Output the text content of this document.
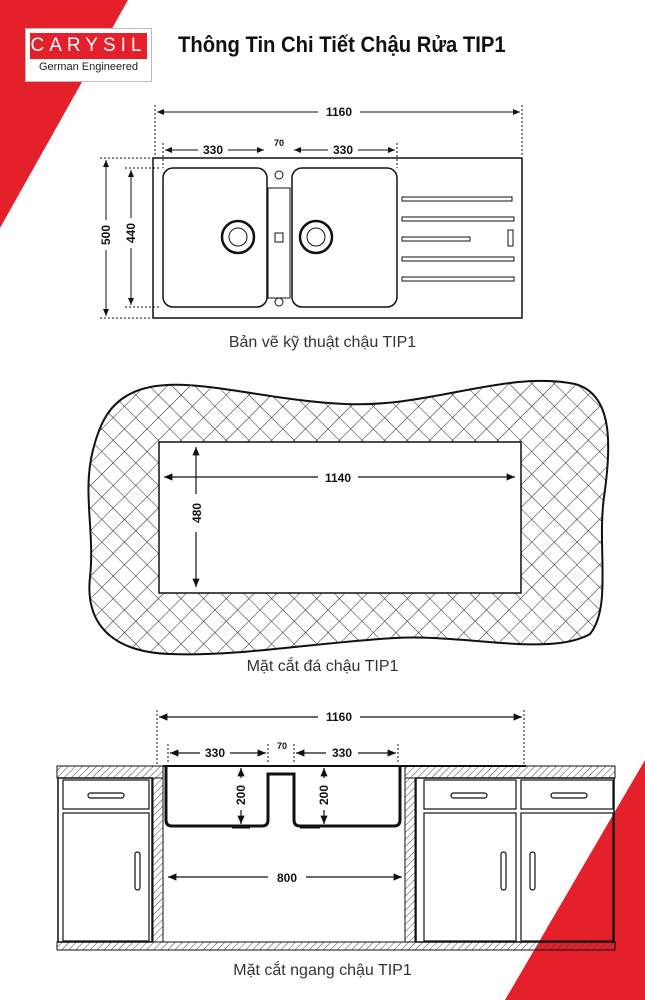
CARYSIL
German Engineered
Thông Tin Chi Tiết Chậu Rửa TIP1
1160
330	70	330
500 440
Bản vẽ kỹ thuật chậu TIP1
1140
480
Mặt cắt đá chậu TIP1
1160
330	70	330
200	200
800
Mặt cắt ngang chậu TIP1
